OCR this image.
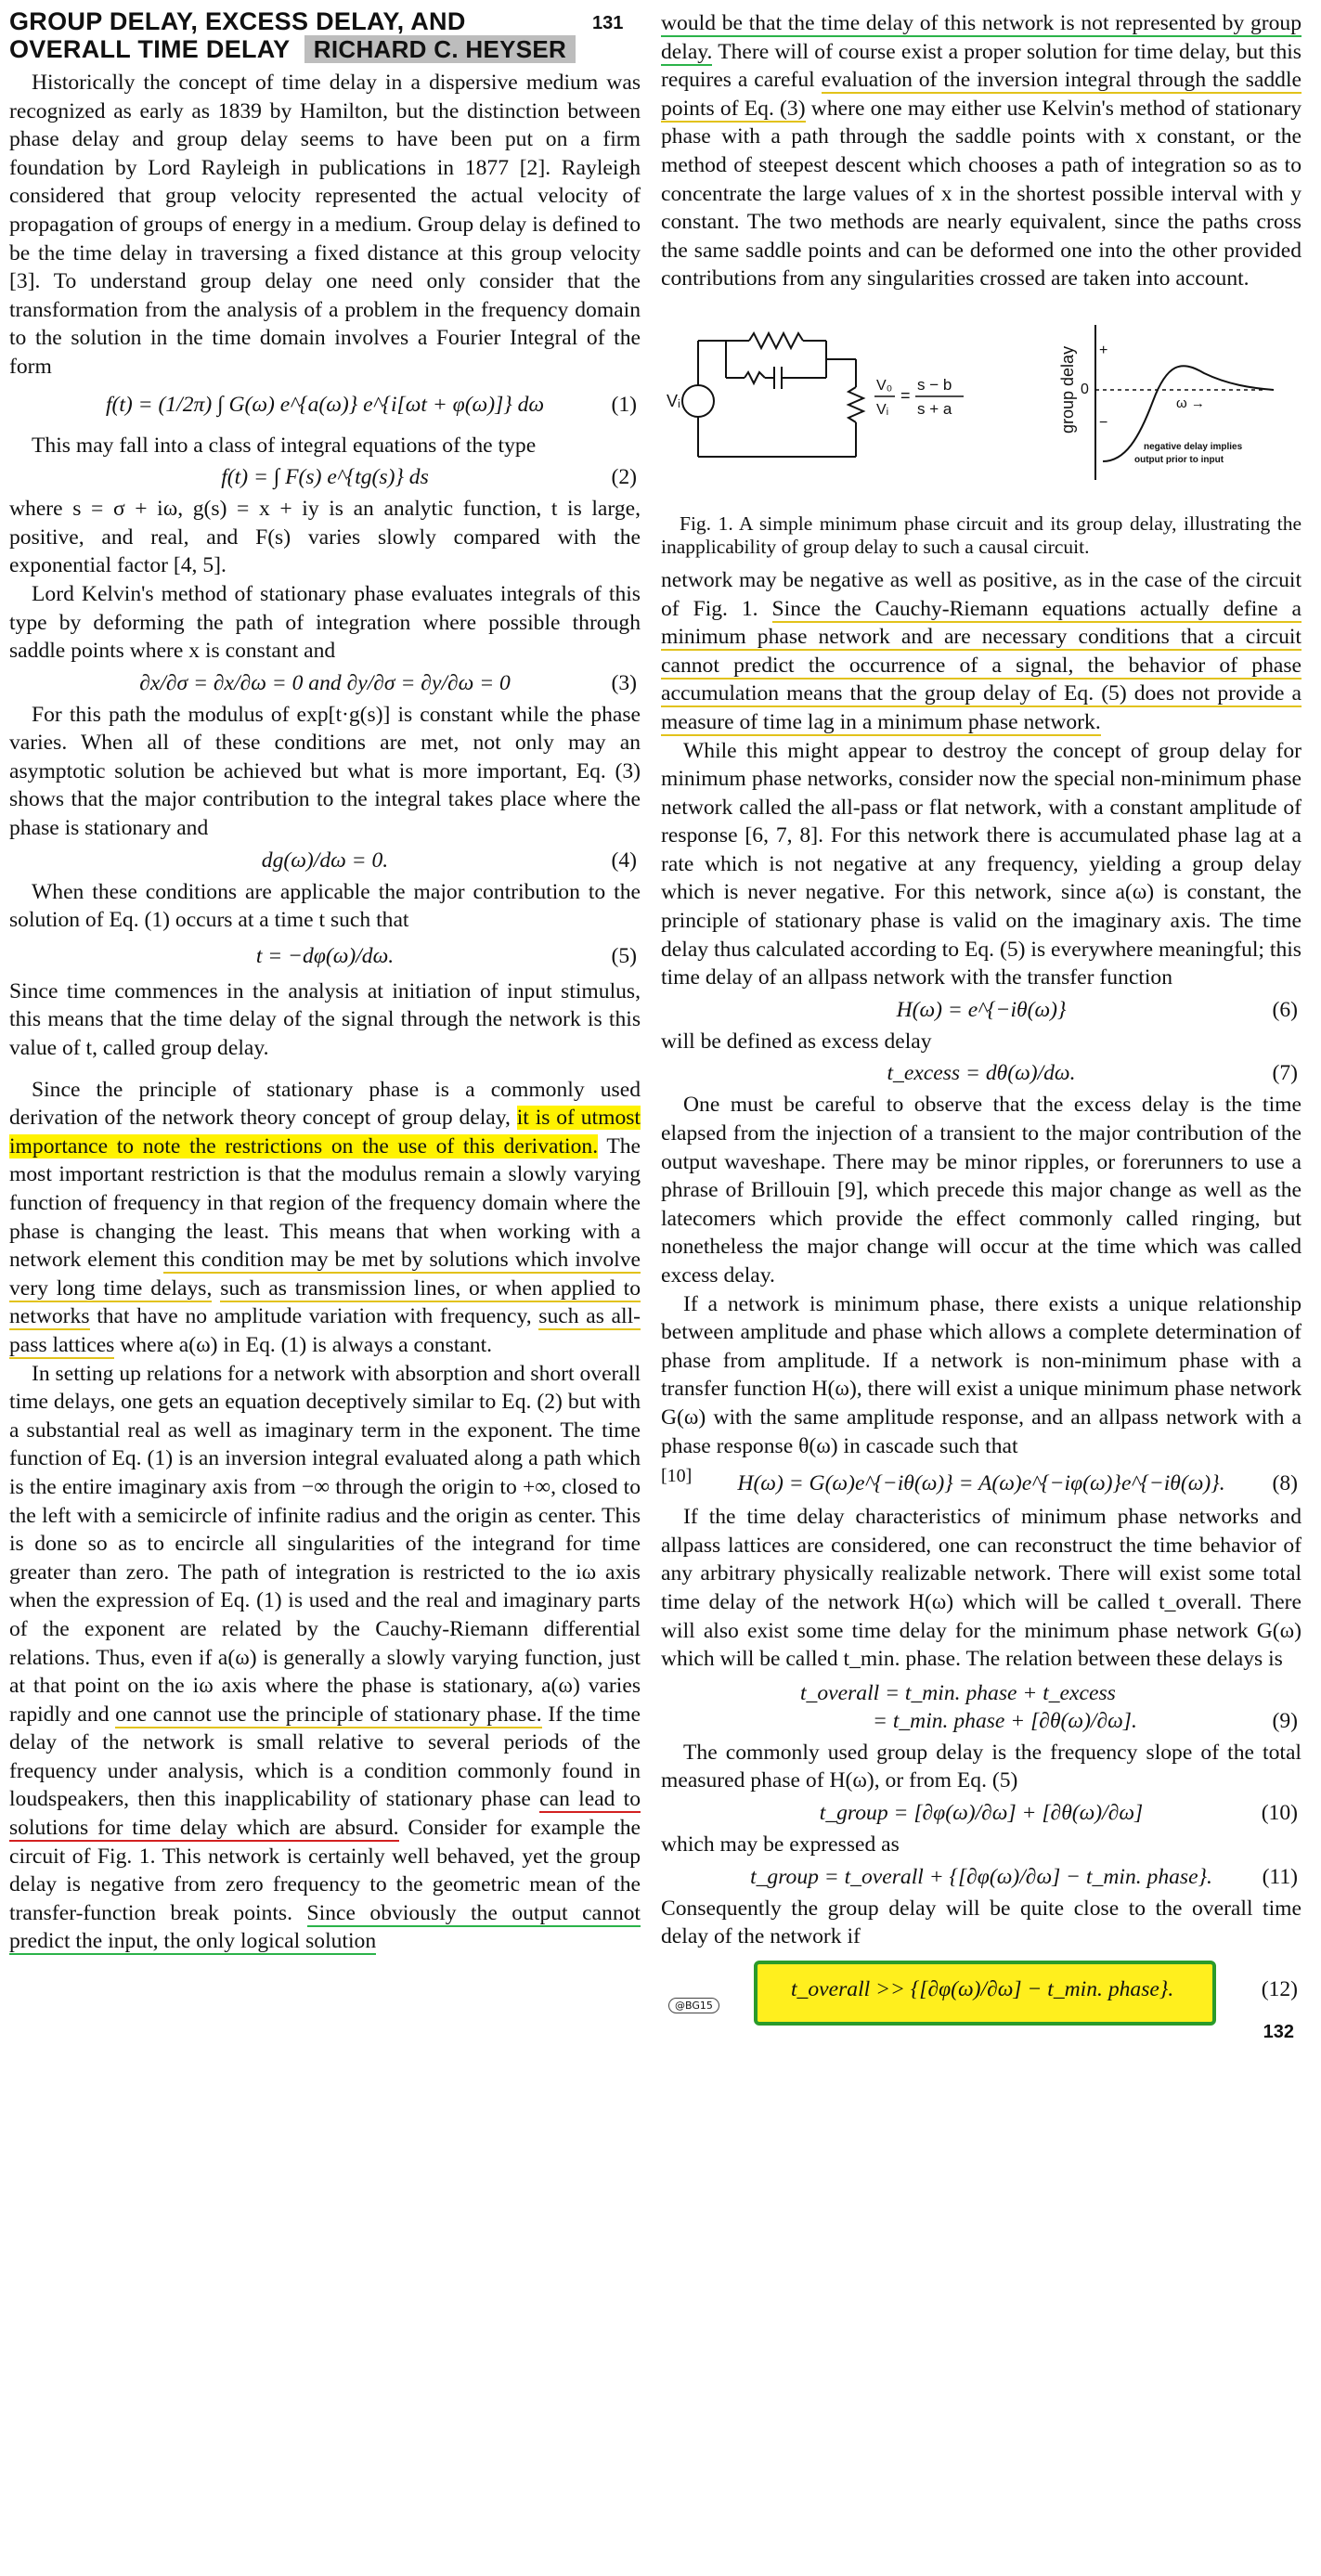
GROUP DELAY, EXCESS DELAY, AND	131
OVERALL TIME DELAY RICHARD C. HEYSER

Historically the concept of time delay in a dispersive medium was recognized as early as 1839 by Hamilton, but the distinction between phase delay and group delay seems to have been put on a firm foundation by Lord Rayleigh in publications in 1877 [2]. Rayleigh considered that group velocity represented the actual velocity of propagation of groups of energy in a medium. Group delay is defined to be the time delay in traversing a fixed distance at this group velocity [3]. To understand group delay one need only consider that the transformation from the analysis of a problem in the frequency domain to the solution in the time domain involves a Fourier Integral of the form

f(t) = (1/2π) ∫ G(ω) e^{a(ω)} e^{i[ωt + φ(ω)]} dω	(1)

This may fall into a class of integral equations of the type

f(t) = ∫ F(s) e^{tg(s)} ds	(2)

where s = σ + iω, g(s) = x + iy is an analytic function, t is large, positive, and real, and F(s) varies slowly compared with the exponential factor [4, 5].

Lord Kelvin's method of stationary phase evaluates integrals of this type by deforming the path of integration where possible through saddle points where x is constant and

∂x/∂σ = ∂x/∂ω = 0 and ∂y/∂σ = ∂y/∂ω = 0	(3)

For this path the modulus of exp[t·g(s)] is constant while the phase varies. When all of these conditions are met, not only may an asymptotic solution be achieved but what is more important, Eq. (3) shows that the major contribution to the integral takes place where the phase is stationary and

dg(ω)/dω = 0.	(4)

When these conditions are applicable the major contribution to the solution of Eq. (1) occurs at a time t such that

t = −dφ(ω)/dω.	(5)

Since time commences in the analysis at initiation of input stimulus, this means that the time delay of the signal through the network is this value of t, called group delay.

Since the principle of stationary phase is a commonly used derivation of the network theory concept of group delay, it is of utmost importance to note the restrictions on the use of this derivation. The most important restriction is that the modulus remain a slowly varying function of frequency in that region of the frequency domain where the phase is changing the least. This means that when working with a network element this condition may be met by solutions which involve very long time delays, such as transmission lines, or when applied to networks that have no amplitude variation with frequency, such as all-pass lattices where a(ω) in Eq. (1) is always a constant.

In setting up relations for a network with absorption and short overall time delays, one gets an equation deceptively similar to Eq. (2) but with a substantial real as well as imaginary term in the exponent. The time function of Eq. (1) is an inversion integral evaluated along a path which is the entire imaginary axis from −∞ through the origin to +∞, closed to the left with a semicircle of infinite radius and the origin as center. This is done so as to encircle all singularities of the integrand for time greater than zero. The path of integration is restricted to the iω axis when the expression of Eq. (1) is used and the real and imaginary parts of the exponent are related by the Cauchy-Riemann differential relations. Thus, even if a(ω) is generally a slowly varying function, just at that point on the iω axis where the phase is stationary, a(ω) varies rapidly and one cannot use the principle of stationary phase. If the time delay of the network is small relative to several periods of the frequency under analysis, which is a condition commonly found in loudspeakers, then this inapplicability of stationary phase can lead to solutions for time delay which are absurd. Consider for example the circuit of Fig. 1. This network is certainly well behaved, yet the group delay is negative from zero frequency to the geometric mean of the transfer-function break points. Since obviously the output cannot predict the input, the only logical solution

would be that the time delay of this network is not represented by group delay. There will of course exist a proper solution for time delay, but this requires a careful evaluation of the inversion integral through the saddle points of Eq. (3) where one may either use Kelvin's method of stationary phase with a path through the saddle points with x constant, or the method of steepest descent which chooses a path of integration so as to concentrate the large values of x in the shortest possible interval with y constant. The two methods are nearly equivalent, since the paths cross the same saddle points and can be deformed one into the other provided contributions from any singularities crossed are taken into account.

Vᵢ
V₀
Vᵢ
=
s − b
s + a	group delay +
0
−
ω →
negative delay implies
output prior to input

Fig. 1. A simple minimum phase circuit and its group delay, illustrating the inapplicability of group delay to such a causal circuit.

network may be negative as well as positive, as in the case of the circuit of Fig. 1. Since the Cauchy-Riemann equations actually define a minimum phase network and are necessary conditions that a circuit cannot predict the occurrence of a signal, the behavior of phase accumulation means that the group delay of Eq. (5) does not provide a measure of time lag in a minimum phase network.

While this might appear to destroy the concept of group delay for minimum phase networks, consider now the special non-minimum phase network called the all-pass or flat network, with a constant amplitude of response [6, 7, 8]. For this network there is accumulated phase lag at a rate which is not negative at any frequency, yielding a group delay which is never negative. For this network, since a(ω) is constant, the principle of stationary phase is valid on the imaginary axis. The time delay thus calculated according to Eq. (5) is everywhere meaningful; this time delay of an allpass network with the transfer function

H(ω) = e^{−iθ(ω)}	(6)

will be defined as excess delay

t_excess = dθ(ω)/dω.	(7)

One must be careful to observe that the excess delay is the time elapsed from the injection of a transient to the major contribution of the output waveshape. There may be minor ripples, or forerunners to use a phrase of Brillouin [9], which precede this major change as well as the latecomers which provide the effect commonly called ringing, but nonetheless the major change will occur at the time which was called excess delay.

If a network is minimum phase, there exists a unique relationship between amplitude and phase which allows a complete determination of phase from amplitude. If a network is non-minimum phase with a transfer function H(ω), there will exist a unique minimum phase network G(ω) with the same amplitude response, and an allpass network with a phase response θ(ω) in cascade such that

[10]	H(ω) = G(ω)e^{−iθ(ω)} = A(ω)e^{−iφ(ω)}e^{−iθ(ω)}.	(8)

If the time delay characteristics of minimum phase networks and allpass lattices are considered, one can reconstruct the time behavior of any arbitrary physically realizable network. There will exist some total time delay of the network H(ω) which will be called t_overall. There will also exist some time delay for the minimum phase network G(ω) which will be called t_min. phase. The relation between these delays is

t_overall = t_min. phase + t_excess
= t_min. phase + [∂θ(ω)/∂ω].	(9)

The commonly used group delay is the frequency slope of the total measured phase of H(ω), or from Eq. (5)

t_group = [∂φ(ω)/∂ω] + [∂θ(ω)/∂ω]	(10)

which may be expressed as

t_group = t_overall + {[∂φ(ω)/∂ω] − t_min. phase}.	(11)

Consequently the group delay will be quite close to the overall time delay of the network if

t_overall >> {[∂φ(ω)/∂ω] − t_min. phase}.	(12)
@BG15
132
